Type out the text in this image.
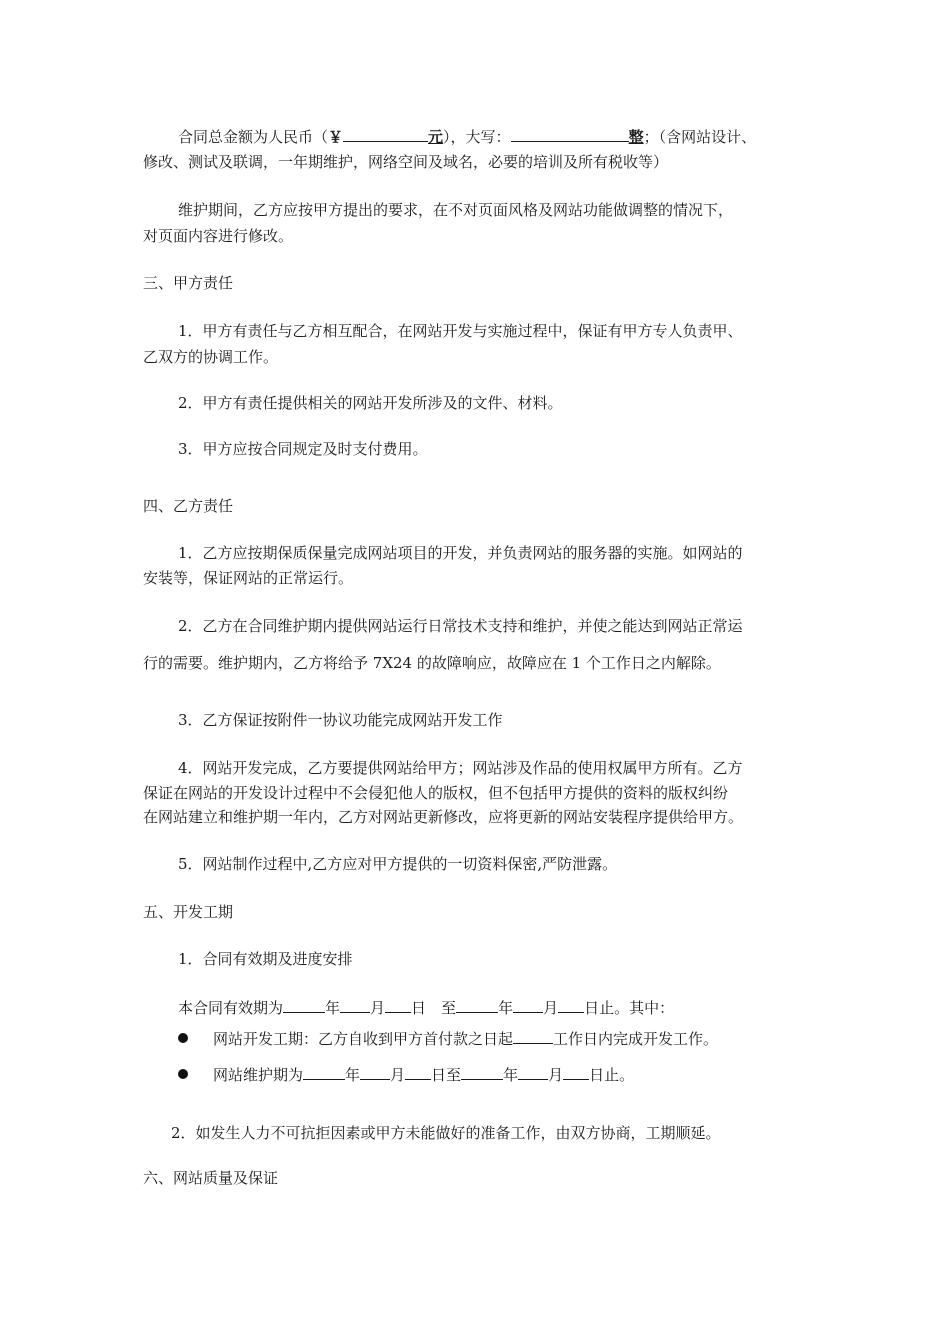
合同总金额为人民币（￥	元），大写：	整；（含网站设计、

修改、测试及联调，一年期维护，网络空间及域名，必要的培训及所有税收等）

维护期间，乙方应按甲方提出的要求，在不对页面风格及网站功能做调整的情况下，

对页面内容进行修改。

三、甲方责任

1．甲方有责任与乙方相互配合，在网站开发与实施过程中，保证有甲方专人负责甲、

乙双方的协调工作。

2．甲方有责任提供相关的网站开发所涉及的文件、材料。

3．甲方应按合同规定及时支付费用。

四、乙方责任

1．乙方应按期保质保量完成网站项目的开发，并负责网站的服务器的实施。如网站的

安装等，保证网站的正常运行。

2．乙方在合同维护期内提供网站运行日常技术支持和维护，并使之能达到网站正常运

行的需要。维护期内，乙方将给予 7X24 的故障响应，故障应在 1 个工作日之内解除。

3．乙方保证按附件一协议功能完成网站开发工作

4．网站开发完成，乙方要提供网站给甲方；网站涉及作品的使用权属甲方所有。乙方

保证在网站的开发设计过程中不会侵犯他人的版权，但不包括甲方提供的资料的版权纠纷

在网站建立和维护期一年内，乙方对网站更新修改，应将更新的网站安装程序提供给甲方。

5．网站制作过程中,乙方应对甲方提供的一切资料保密,严防泄露。

五、开发工期

1．合同有效期及进度安排

本合同有效期为	年 月 日　至	年 月 日止。其中：

网站开发工期：乙方自收到甲方首付款之日起	工作日内完成开发工作。

网站维护期为	年 月 日至	年 月 日止。

2．如发生人力不可抗拒因素或甲方未能做好的准备工作，由双方协商，工期顺延。

六、网站质量及保证
